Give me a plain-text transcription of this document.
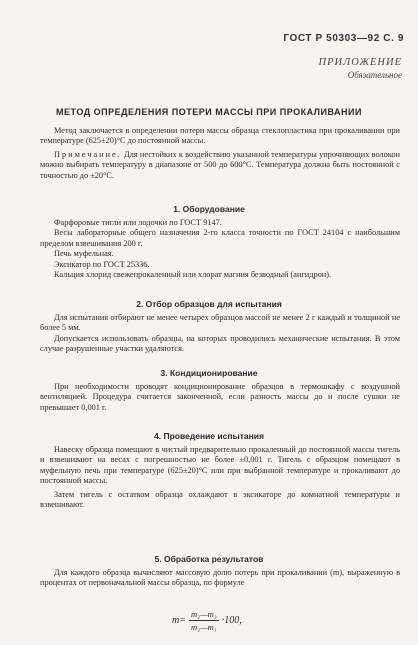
ГОСТ Р 50303—92 С. 9
ПРИЛОЖЕНИЕ
Обязательное
МЕТОД ОПРЕДЕЛЕНИЯ ПОТЕРИ МАССЫ ПРИ ПРОКАЛИВАНИИ

Метод заключается в определении потери массы образца стеклопластика при прокаливании при температуре (625±20)°С до постоянной массы.

Примечание. Для нестойких к воздействию указанной температуры упрочняющих волокон можно выбирать температуру в диапазоне от 500 до 600°С. Температура должна быть постоянной с точностью до ±20°С.

1. Оборудование

Фарфоровые тигли или лодочки по ГОСТ 9147.

Весы лабораторные общего назначения 2-го класса точности по ГОСТ 24104 с наибольшим пределом взвешивания 200 г.

Печь муфельная.

Эксикатор по ГОСТ 25336.

Кальция хлорид свежепрокаленный или хлорат магния безводный (ангидрон).

2. Отбор образцов для испытания

Для испытания отбирают не менее четырех образцов массой не менее 2 г каждый и толщиной не более 5 мм.

Допускается использовать образцы, на которых проводились механические испытания. В этом случае разрушенные участки удаляются.

3. Кондиционирование

При необходимости проводят кондиционирование образцов в термошкафу с воздушной вентиляцией. Процедура считается законченной, если разность массы до и после сушки не превышает 0,001 г.

4. Проведение испытания

Навеску образца помещают в чистый предварительно прокаленный до постоянной массы тигель и взвешивают на весах с погрешностью не более ±0,001 г. Тигель с образцом помещают в муфельную печь при температуре (625±20)°С или при выбранной температуре и прокаливают до постоянной массы.

Затем тигель с остатком образца охлаждают в эксикаторе до комнатной температуры и взвешивают.

5. Обработка результатов

Для каждого образца вычисляют массовую долю потерь при прокаливании (m), выраженную в процентах от первоначальной массы образца, по формуле

$m= \frac{\text{m₂—m₃}}{\text{m₂—m₁}} \cdot 100$,
